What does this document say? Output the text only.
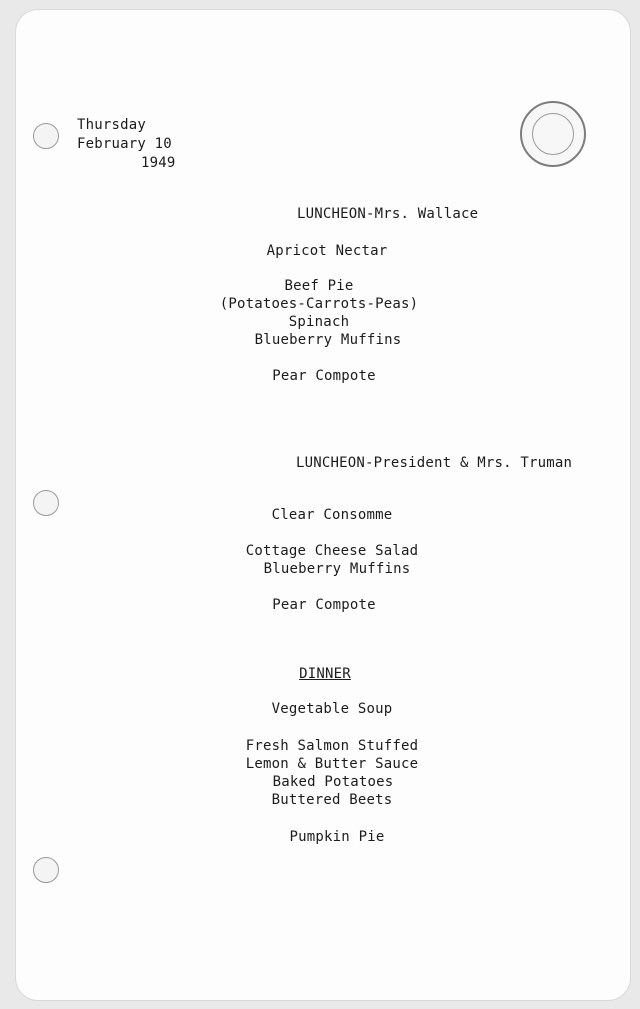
Thursday
February 10
1949
LUNCHEON-Mrs. Wallace
Apricot Nectar
Beef Pie
(Potatoes-Carrots-Peas)
Spinach
Blueberry Muffins
Pear Compote
LUNCHEON-President & Mrs. Truman
Clear Consomme
Cottage Cheese Salad
Blueberry Muffins
Pear Compote
DINNER
Vegetable Soup
Fresh Salmon Stuffed
Lemon & Butter Sauce
Baked Potatoes
Buttered Beets
Pumpkin Pie
